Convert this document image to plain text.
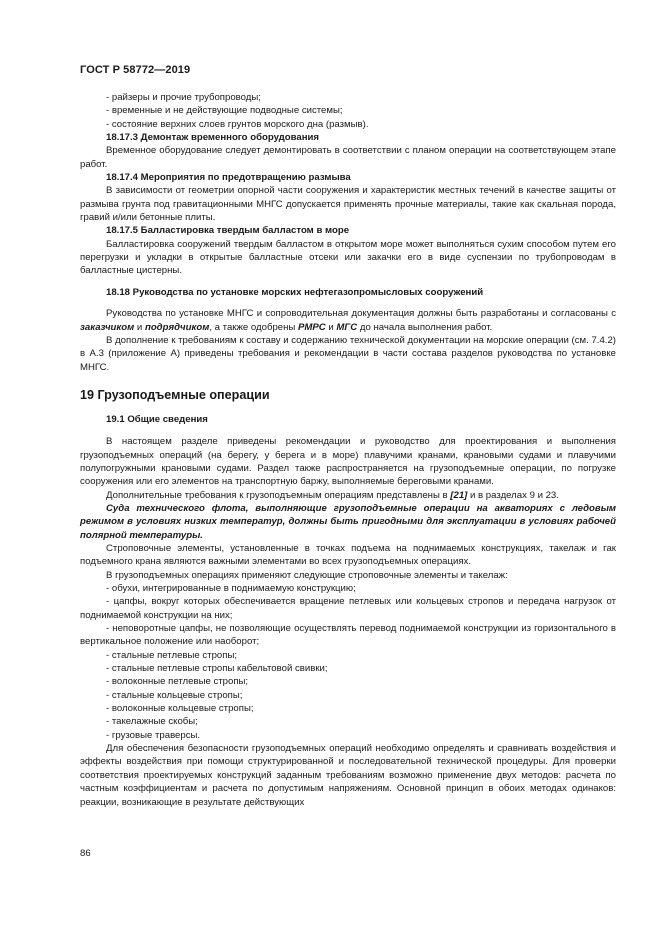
ГОСТ Р 58772—2019

- райзеры и прочие трубопроводы;

- временные и не действующие подводные системы;

- состояние верхних слоев грунтов морского дна (размыв).

18.17.3 Демонтаж временного оборудования

Временное оборудование следует демонтировать в соответствии с планом операции на соответствующем этапе работ.

18.17.4 Мероприятия по предотвращению размыва

В зависимости от геометрии опорной части сооружения и характеристик местных течений в качестве защиты от размыва грунта под гравитационными МНГС допускается применять прочные материалы, такие как скальная порода, гравий и/или бетонные плиты.

18.17.5 Балластировка твердым балластом в море

Балластировка сооружений твердым балластом в открытом море может выполняться сухим способом путем его перегрузки и укладки в открытые балластные отсеки или закачки его в виде суспензии по трубопроводам в балластные цистерны.

18.18 Руководства по установке морских нефтегазопромысловых сооружений

Руководства по установке МНГС и сопроводительная документация должны быть разработаны и согласованы с заказчиком и подрядчиком, а также одобрены РМРС и МГС до начала выполнения работ.

В дополнение к требованиям к составу и содержанию технической документации на морские операции (см. 7.4.2) в А.3 (приложение А) приведены требования и рекомендации в части состава разделов руководства по установке МНГС.

19 Грузоподъемные операции

19.1 Общие сведения

В настоящем разделе приведены рекомендации и руководство для проектирования и выполнения грузоподъемных операций (на берегу, у берега и в море) плавучими кранами, крановыми судами и плавучими полупогружными крановыми судами. Раздел также распространяется на грузоподъемные операции, по погрузке сооружения или его элементов на транспортную баржу, выполняемые береговыми кранами.

Дополнительные требования к грузоподъемным операциям представлены в [21] и в разделах 9 и 23.

Суда технического флота, выполняющие грузоподъемные операции на акваториях с ледовым режимом в условиях низких температур, должны быть пригодными для эксплуатации в условиях рабочей полярной температуры.

Строповочные элементы, установленные в точках подъема на поднимаемых конструкциях, такелаж и гак подъемного крана являются важными элементами во всех грузоподъемных операциях.

В грузоподъемных операциях применяют следующие строповочные элементы и такелаж:

- обухи, интегрированные в поднимаемую конструкцию;

- цапфы, вокруг которых обеспечивается вращение петлевых или кольцевых стропов и передача нагрузок от поднимаемой конструкции на них;

- неповоротные цапфы, не позволяющие осуществлять перевод поднимаемой конструкции из горизонтального в вертикальное положение или наоборот;

- стальные петлевые стропы;

- стальные петлевые стропы кабельтовой свивки;

- волоконные петлевые стропы;

- стальные кольцевые стропы;

- волоконные кольцевые стропы;

- такелажные скобы;

- грузовые траверсы.

Для обеспечения безопасности грузоподъемных операций необходимо определять и сравнивать воздействия и эффекты воздействия при помощи структурированной и последовательной технической процедуры. Для проверки соответствия проектируемых конструкций заданным требованиям возможно применение двух методов: расчета по частным коэффициентам и расчета по допустимым напряжениям. Основной принцип в обоих методах одинаков: реакции, возникающие в результате действующих

86
